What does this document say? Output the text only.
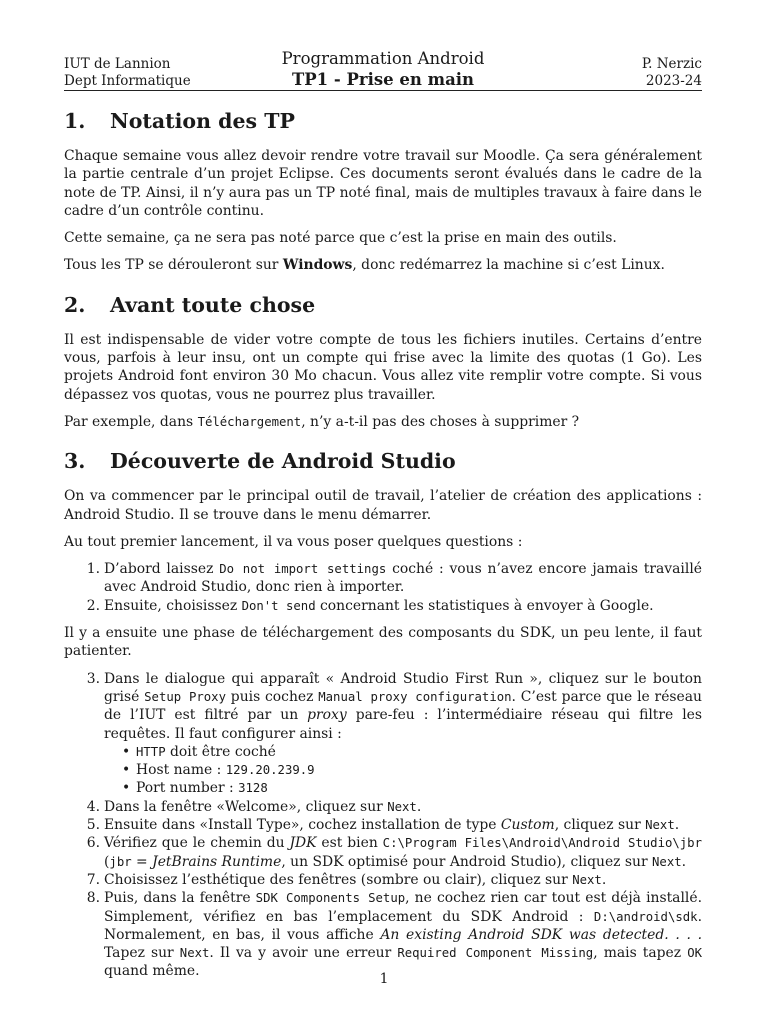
IUT de Lannion
Dept Informatique
Programmation Android
TP1 - Prise en main
P. Nerzic
2023-24
1. Notation des TP

Chaque semaine vous allez devoir rendre votre travail sur Moodle. Ça sera généralement la partie centrale d’un projet Eclipse. Ces documents seront évalués dans le cadre de la note de TP. Ainsi, il n’y aura pas un TP noté final, mais de multiples travaux à faire dans le cadre d’un contrôle continu.

Cette semaine, ça ne sera pas noté parce que c’est la prise en main des outils.

Tous les TP se dérouleront sur Windows, donc redémarrez la machine si c’est Linux.

2. Avant toute chose

Il est indispensable de vider votre compte de tous les fichiers inutiles. Certains d’entre vous, parfois à leur insu, ont un compte qui frise avec la limite des quotas (1 Go). Les projets Android font environ 30 Mo chacun. Vous allez vite remplir votre compte. Si vous dépassez vos quotas, vous ne pourrez plus travailler.

Par exemple, dans Téléchargement, n’y a-t-il pas des choses à supprimer ?

3. Découverte de Android Studio

On va commencer par le principal outil de travail, l’atelier de création des applications : Android Studio. Il se trouve dans le menu démarrer.

Au tout premier lancement, il va vous poser quelques questions :

1. D’abord laissez Do not import settings coché : vous n’avez encore jamais travaillé avec Android Studio, donc rien à importer.
2. Ensuite, choisissez Don't send concernant les statistiques à envoyer à Google.

Il y a ensuite une phase de téléchargement des composants du SDK, un peu lente, il faut patienter.

3. Dans le dialogue qui apparaît « Android Studio First Run », cliquez sur le bouton grisé Setup Proxy puis cochez Manual proxy configuration. C’est parce que le réseau de l’IUT est filtré par un proxy pare-feu : l’intermédiaire réseau qui filtre les requêtes. Il faut configurer ainsi :
• HTTP doit être coché
• Host name : 129.20.239.9
• Port number : 3128
4. Dans la fenêtre «Welcome», cliquez sur Next.
5. Ensuite dans «Install Type», cochez installation de type Custom, cliquez sur Next.
6. Vérifiez que le chemin du JDK est bien C:\Program Files\Android\Android Studio\jbr (jbr = JetBrains Runtime, un SDK optimisé pour Android Studio), cliquez sur Next.
7. Choisissez l’esthétique des fenêtres (sombre ou clair), cliquez sur Next.
8. Puis, dans la fenêtre SDK Components Setup, ne cochez rien car tout est déjà installé. Simplement, vérifiez en bas l’emplacement du SDK Android : D:\android\sdk. Normalement, en bas, il vous affiche An existing Android SDK was detected. . . . Tapez sur Next. Il va y avoir une erreur Required Component Missing, mais tapez OK quand même.	1
